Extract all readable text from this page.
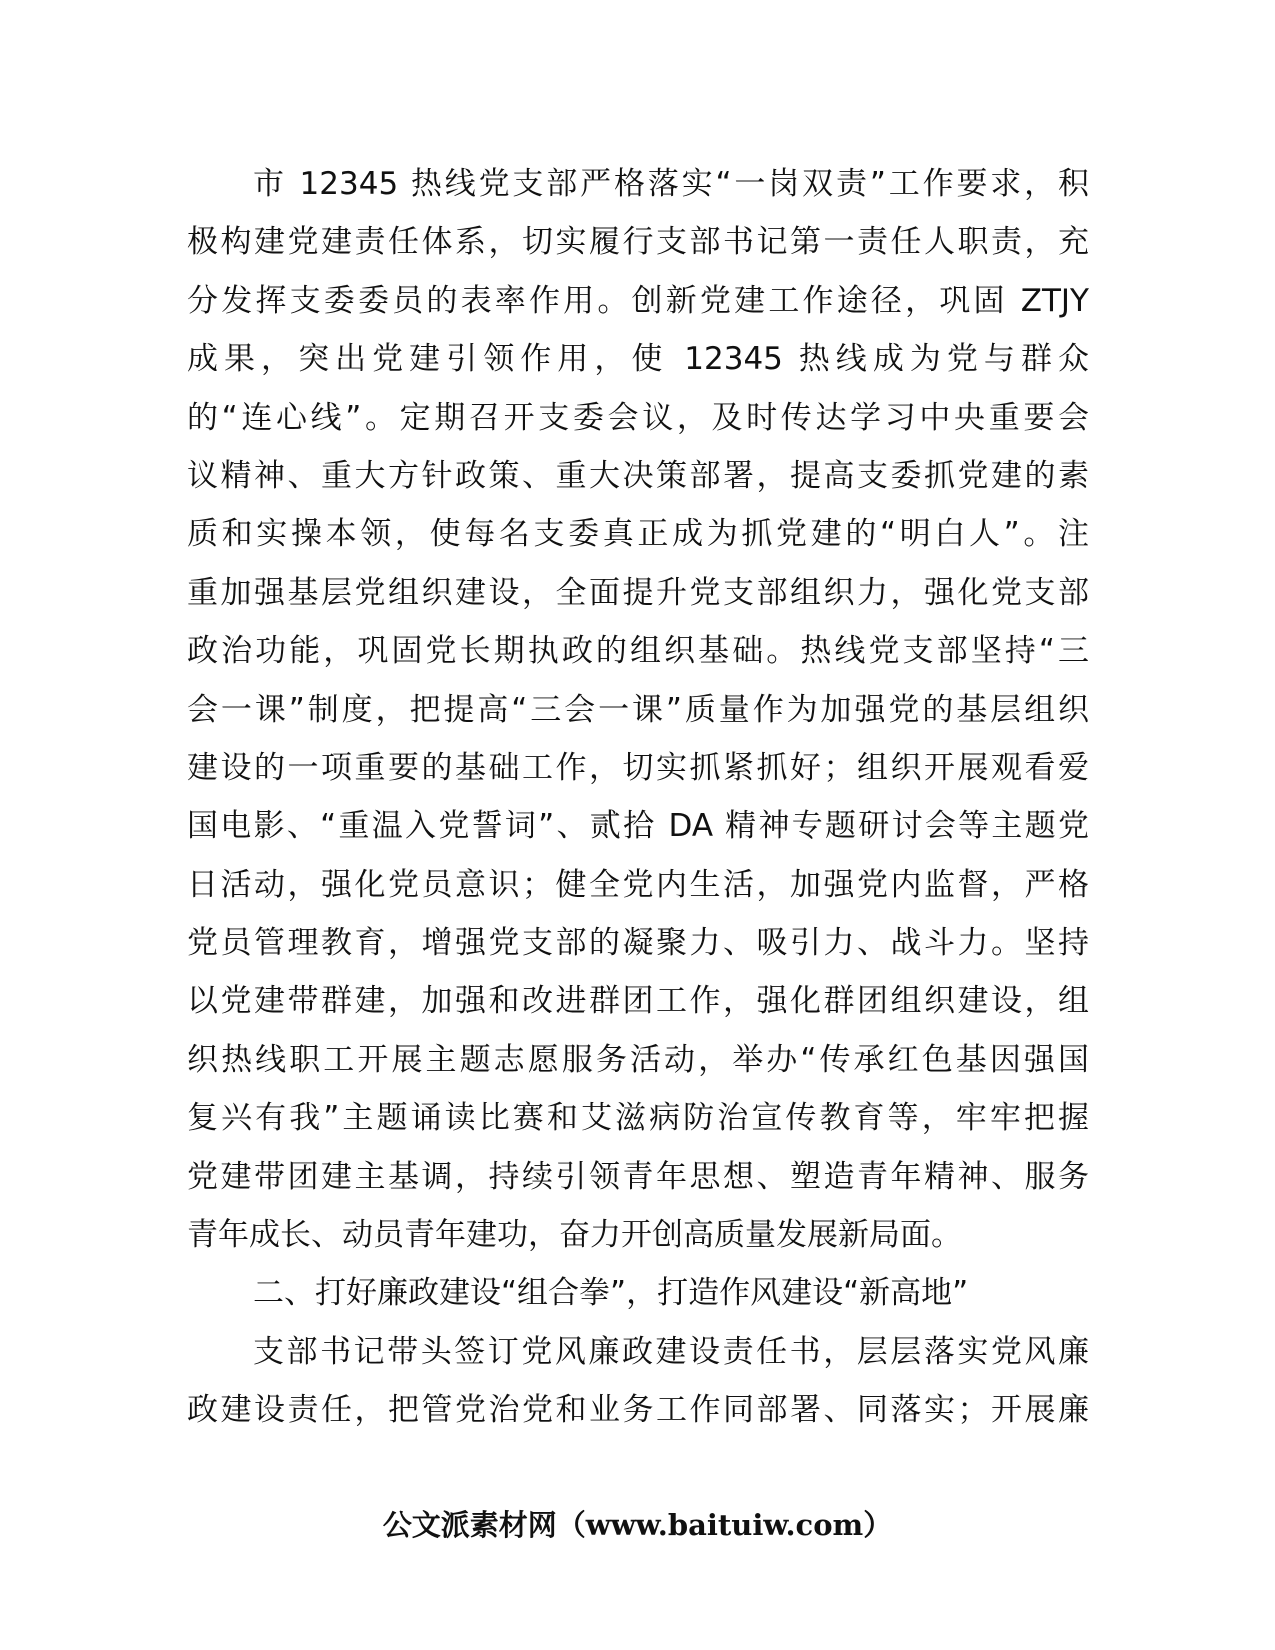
市 12345 热线党支部严格落实“一岗双责”工作要求，积
极构建党建责任体系，切实履行支部书记第一责任人职责，充
分发挥支委委员的表率作用。创新党建工作途径，巩固 ZTJY
成果，突出党建引领作用，使 12345 热线成为党与群众
的“连心线”。定期召开支委会议，及时传达学习中央重要会
议精神、重大方针政策、重大决策部署，提高支委抓党建的素
质和实操本领，使每名支委真正成为抓党建的“明白人”。注
重加强基层党组织建设，全面提升党支部组织力，强化党支部
政治功能，巩固党长期执政的组织基础。热线党支部坚持“三
会一课”制度，把提高“三会一课”质量作为加强党的基层组织
建设的一项重要的基础工作，切实抓紧抓好；组织开展观看爱
国电影、“重温入党誓词”、贰拾 DA 精神专题研讨会等主题党
日活动，强化党员意识；健全党内生活，加强党内监督，严格
党员管理教育，增强党支部的凝聚力、吸引力、战斗力。坚持
以党建带群建，加强和改进群团工作，强化群团组织建设，组
织热线职工开展主题志愿服务活动，举办“传承红色基因强国
复兴有我”主题诵读比赛和艾滋病防治宣传教育等，牢牢把握
党建带团建主基调，持续引领青年思想、塑造青年精神、服务
青年成长、动员青年建功，奋力开创高质量发展新局面。
二、打好廉政建设“组合拳”，打造作风建设“新高地”
支部书记带头签订党风廉政建设责任书，层层落实党风廉
政建设责任，把管党治党和业务工作同部署、同落实；开展廉
公文派素材网（www.baituiw.com）
